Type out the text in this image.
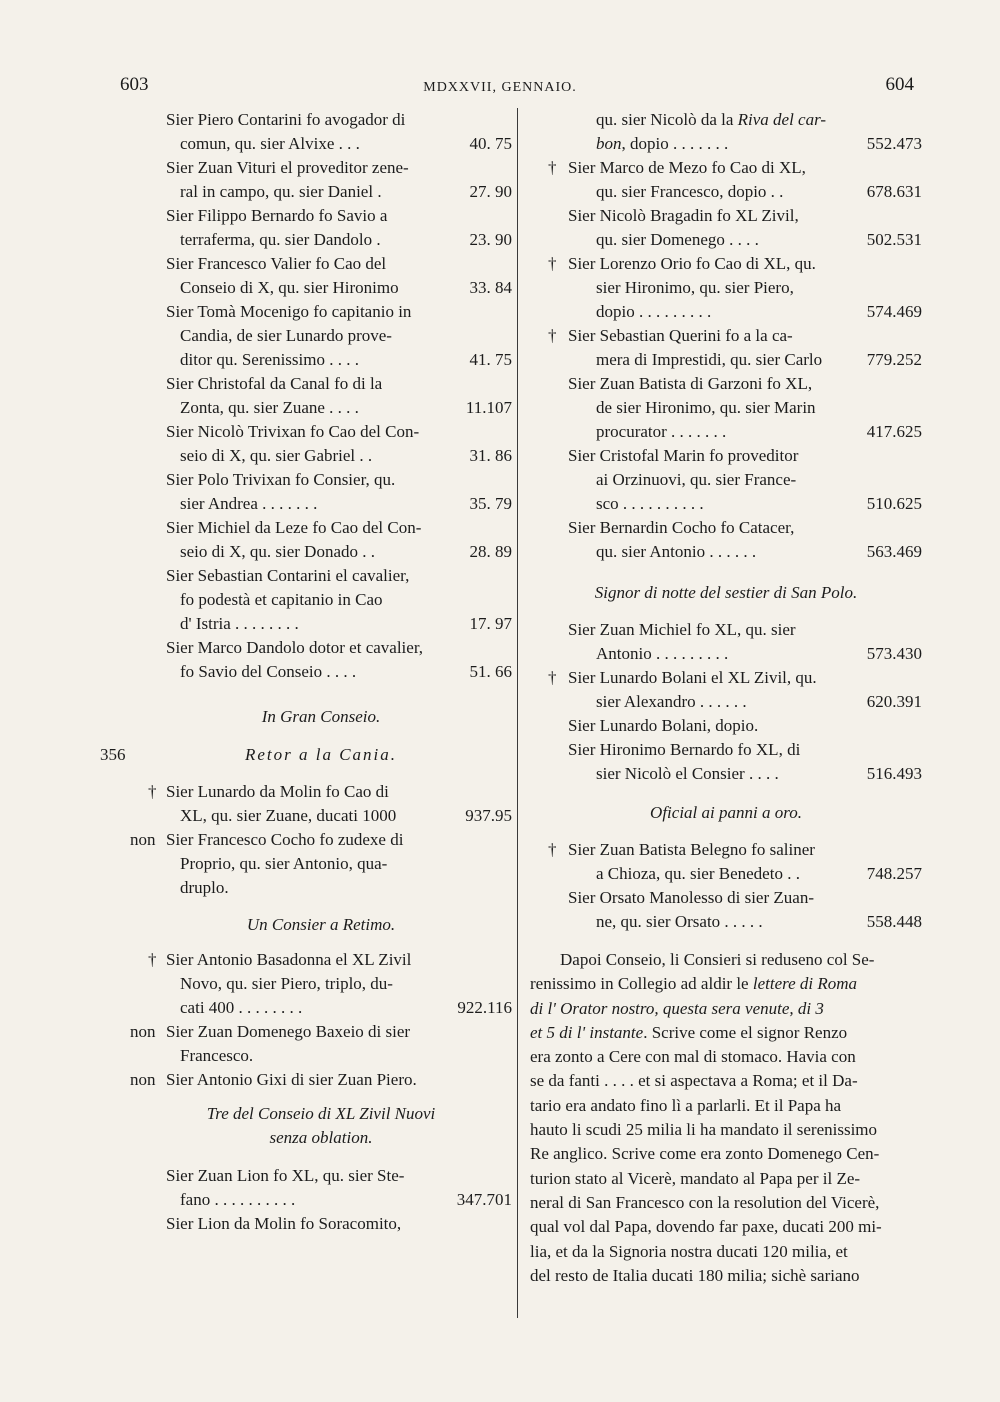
603	MDXXVII, GENNAIO.	604
Sier Piero Contarini fo avogador di
comun, qu. sier Alvixe . . .	40. 75
Sier Zuan Vituri el proveditor zene-
ral in campo, qu. sier Daniel .	27. 90
Sier Filippo Bernardo fo Savio a
terraferma, qu. sier Dandolo .	23. 90
Sier Francesco Valier fo Cao del
Conseio di X, qu. sier Hironimo	33. 84
Sier Tomà Mocenigo fo capitanio in
Candia, de sier Lunardo prove-
ditor qu. Serenissimo . . . .	41. 75
Sier Christofal da Canal fo di la
Zonta, qu. sier Zuane . . . .	11.107
Sier Nicolò Trivixan fo Cao del Con-
seio di X, qu. sier Gabriel . .	31. 86
Sier Polo Trivixan fo Consier, qu.
sier Andrea . . . . . . .	35. 79
Sier Michiel da Leze fo Cao del Con-
seio di X, qu. sier Donado . .	28. 89
Sier Sebastian Contarini el cavalier,
fo podestà et capitanio in Cao
d' Istria . . . . . . . .	17. 97
Sier Marco Dandolo dotor et cavalier,
fo Savio del Conseio . . . .	51. 66
In Gran Conseio.
356	Retor a la Cania.
† Sier Lunardo da Molin fo Cao di
XL, qu. sier Zuane, ducati 1000	937.95
non Sier Francesco Cocho fo zudexe di
Proprio, qu. sier Antonio, qua-
druplo.
Un Consier a Retimo.
† Sier Antonio Basadonna el XL Zivil
Novo, qu. sier Piero, triplo, du-
cati 400 . . . . . . . .	922.116
non Sier Zuan Domenego Baxeio di sier
Francesco.
non Sier Antonio Gixi di sier Zuan Piero.
Tre del Conseio di XL Zivil Nuovi
senza oblation.
Sier Zuan Lion fo XL, qu. sier Ste-
fano . . . . . . . . . .	347.701
Sier Lion da Molin fo Soracomito,
qu. sier Nicolò da la Riva del car-
bon, dopio . . . . . . .	552.473
† Sier Marco de Mezo fo Cao di XL,
qu. sier Francesco, dopio . .	678.631
Sier Nicolò Bragadin fo XL Zivil,
qu. sier Domenego . . . .	502.531
† Sier Lorenzo Orio fo Cao di XL, qu.
sier Hironimo, qu. sier Piero,
dopio . . . . . . . . .	574.469
† Sier Sebastian Querini fo a la ca-
mera di Imprestidi, qu. sier Carlo	779.252
Sier Zuan Batista di Garzoni fo XL,
de sier Hironimo, qu. sier Marin
procurator . . . . . . .	417.625
Sier Cristofal Marin fo proveditor
ai Orzinuovi, qu. sier France-
sco . . . . . . . . . .	510.625
Sier Bernardin Cocho fo Catacer,
qu. sier Antonio . . . . . .	563.469
Signor di notte del sestier di San Polo.
Sier Zuan Michiel fo XL, qu. sier
Antonio . . . . . . . . .	573.430
† Sier Lunardo Bolani el XL Zivil, qu.
sier Alexandro . . . . . .	620.391
Sier Lunardo Bolani, dopio.
Sier Hironimo Bernardo fo XL, di
sier Nicolò el Consier . . . .	516.493
Oficial ai panni a oro.
† Sier Zuan Batista Belegno fo saliner
a Chioza, qu. sier Benedeto . .	748.257
Sier Orsato Manolesso di sier Zuan-
ne, qu. sier Orsato . . . . .	558.448

Dapoi Conseio, li Consieri si reduseno col Se-

renissimo in Collegio ad aldir le lettere di Roma

di l' Orator nostro, questa sera venute, di 3

et 5 di l' instante. Scrive come el signor Renzo

era zonto a Cere con mal di stomaco. Havia con

se da fanti . . . . et si aspectava a Roma; et il Da-

tario era andato fino lì a parlarli. Et il Papa ha

hauto li scudi 25 milia li ha mandato il serenissimo

Re anglico. Scrive come era zonto Domenego Cen-

turion stato al Vicerè, mandato al Papa per il Ze-

neral di San Francesco con la resolution del Vicerè,

qual vol dal Papa, dovendo far paxe, ducati 200 mi-

lia, et da la Signoria nostra ducati 120 milia, et

del resto de Italia ducati 180 milia; sichè sariano
